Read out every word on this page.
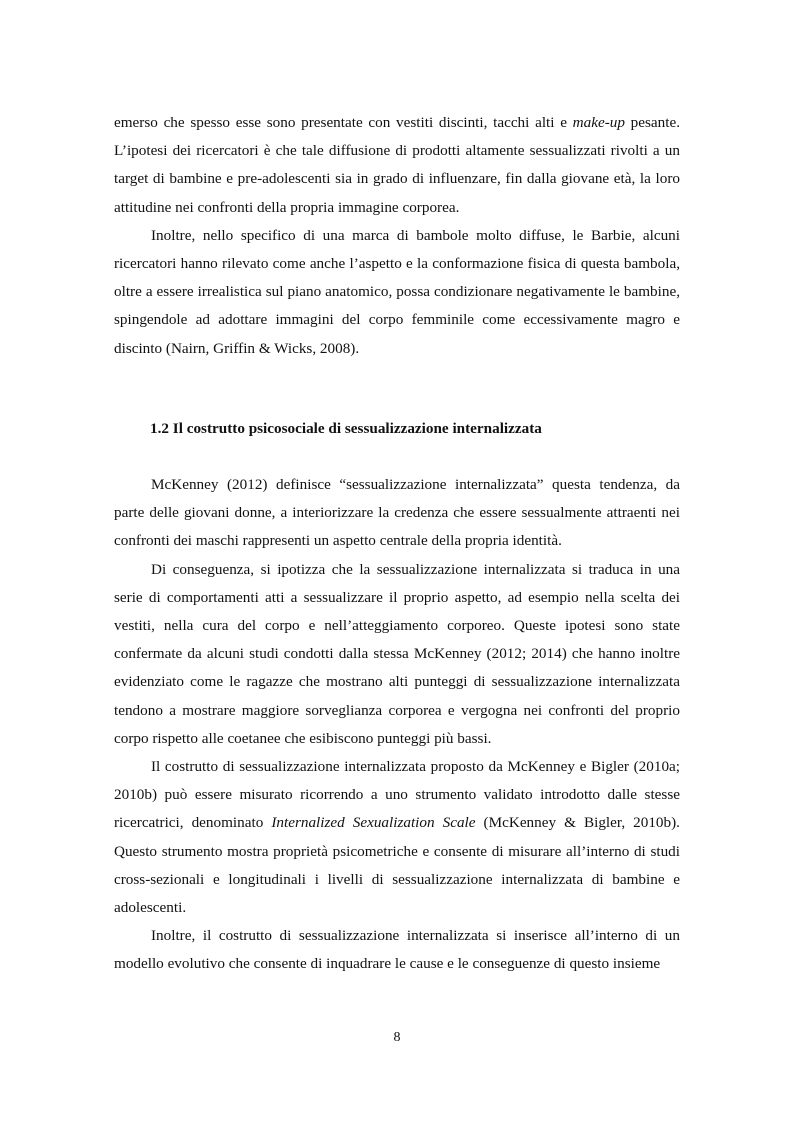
emerso che spesso esse sono presentate con vestiti discinti, tacchi alti e make-up pesante. L’ipotesi dei ricercatori è che tale diffusione di prodotti altamente sessualizzati rivolti a un target di bambine e pre-adolescenti sia in grado di influenzare, fin dalla giovane età, la loro attitudine nei confronti della propria immagine corporea.

Inoltre, nello specifico di una marca di bambole molto diffuse, le Barbie, alcuni ricercatori hanno rilevato come anche l’aspetto e la conformazione fisica di questa bambola, oltre a essere irrealistica sul piano anatomico, possa condizionare negativamente le bambine, spingendole ad adottare immagini del corpo femminile come eccessivamente magro e discinto (Nairn, Griffin & Wicks, 2008).

1.2 Il costrutto psicosociale di sessualizzazione internalizzata

McKenney (2012) definisce “sessualizzazione internalizzata” questa tendenza, da parte delle giovani donne, a interiorizzare la credenza che essere sessualmente attraenti nei confronti dei maschi rappresenti un aspetto centrale della propria identità.

Di conseguenza, si ipotizza che la sessualizzazione internalizzata si traduca in una serie di comportamenti atti a sessualizzare il proprio aspetto, ad esempio nella scelta dei vestiti, nella cura del corpo e nell’atteggiamento corporeo. Queste ipotesi sono state confermate da alcuni studi condotti dalla stessa McKenney (2012; 2014) che hanno inoltre evidenziato come le ragazze che mostrano alti punteggi di sessualizzazione internalizzata tendono a mostrare maggiore sorveglianza corporea e vergogna nei confronti del proprio corpo rispetto alle coetanee che esibiscono punteggi più bassi.

Il costrutto di sessualizzazione internalizzata proposto da McKenney e Bigler (2010a; 2010b) può essere misurato ricorrendo a uno strumento validato introdotto dalle stesse ricercatrici, denominato Internalized Sexualization Scale (McKenney & Bigler, 2010b). Questo strumento mostra proprietà psicometriche e consente di misurare all’interno di studi cross-sezionali e longitudinali i livelli di sessualizzazione internalizzata di bambine e adolescenti.

Inoltre, il costrutto di sessualizzazione internalizzata si inserisce all’interno di un modello evolutivo che consente di inquadrare le cause e le conseguenze di questo insieme

8
